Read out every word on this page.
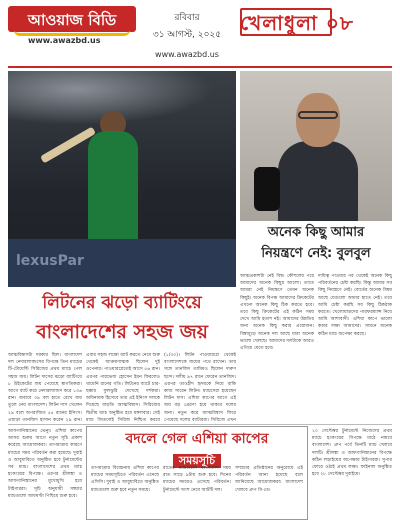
আওয়াজ বিডি
www.awazbd.us
রবিবার
৩১ আগস্ট, ২০২৫
www.awazbd.us
খেলাধুলা ০৮
lexusPar
অনেক কিছু আমার
নিয়ন্ত্রণে নেই: বুলবুল
আত্মপ্রকাশটা নেই বিশ্ব। কৌশলের পরে আমাদের অনেক কিছুর আলো। তাতে আমরা নেই নিয়ন্ত্রণে তেমন অনেক কিছুই। অনেক বিপক্ষ আমাদের ক্রিকেটের এখনো অনেক কিছু ঠিক করতে হবে। তবে কিছু ক্রিকেটের এই কঠিন সময় দেখে আমি হতাশ নই। আমাদের উন্নতির জন্য অনেক কিছু করার প্রয়োজন। বিশ্বজুড়ে অনেক দল আছে যারা অনেক ভালো খেলছে। আমাদের দলটাকে আরও এগিয়ে যেতে হবে।
দায়িত্ব পাওয়ার পর থেকেই অনেক কিছু পরিবর্তনের চেষ্টা করছি। কিন্তু আমার সব কিছু নিয়ন্ত্রণে নেই। বোর্ডের অনেক বিষয় আছে যেগুলো আমার হাতে নেই। তবে আমি চেষ্টা করছি সব কিছু ঠিকঠাক করতে। খেলোয়াড়দের পারফরম্যান্স নিয়ে আমি আশাবাদী। এশিয়া কাপে ভালো করার লক্ষ্য আমাদের। সামনে অনেক কঠিন ম্যাচ অপেক্ষা করছে।
লিটনের ঝড়ো ব্যাটিংয়ে
বাংলাদেশের সহজ জয়
আত্মবিশ্বাসটা দরকার ছিল। বাংলাদেশ দল নেদারল্যান্ডসের বিপক্ষে তিন ম্যাচের টি-টোয়েন্টি সিরিজের প্রথম ম্যাচে পেল সহজ জয়। লিটন দাসের ঝড়ো ব্যাটিংয়ে ৮ উইকেটের জয় পেয়েছে স্বাগতিকরা। আগে ব্যাট করে নেদারল্যান্ডস করে ১৩৬ রান। জবাবে ৩৯ বল হাতে রেখে জয় তুলে নেয় বাংলাদেশ। লিটন দাস খেলেন ২৯ বলে অপরাজিত ৫৪ রানের ইনিংস। এছাড়া তানজিদ হাসান করেন ২৯ রান।
এবার সহজ লক্ষ্যে ব্যাট করতে নেমে শুরু থেকেই আক্রমণাত্মক ছিলেন দুই ওপেনার। পাওয়ারপ্লেতেই আসে ৫৬ রান। এরপর পারভেজ হোসেন ইমন ফিরলেও থামেনি রানের গতি। লিটনের ব্যাটে চার-ছক্কার ফুলঝুরি দেখেছে দর্শকরা। অধিনায়ক হিসেবে তার এই ইনিংস দলকে দিয়েছে বাড়তি আত্মবিশ্বাস। সিরিজের দ্বিতীয় ম্যাচ অনুষ্ঠিত হবে মঙ্গলবার। সেই ম্যাচ জিতলেই সিরিজ নিশ্চিত করবে
(১/৩০)। লিটন পাওয়ারপ্লে থেকেই বাংলাদেশকে জয়ের পথে রাখেন। তার সঙ্গে তানজিদ তামিমও ছিলেন দারুণ ছন্দে। দলীয় ৯৭ রানে ফেরেন তানজিদ। এরপর তাওহীদ হৃদয়কে নিয়ে বাকি কাজ সারেন লিটন। ম্যাচসেরা হয়েছেন লিটন দাস। এশিয়া কাপের আগে এই জয় বড় প্রেরণা হয়ে থাকবে দলের জন্য। নতুন করে আত্মবিশ্বাস ফিরে পেয়েছে দলের ব্যাটাররা। সিরিজে এখন
আফগানিস্তানের ভেন্যু। এশিয়া কাপের আসর শুরুর আগে নতুন সূচি প্রকাশ করেছে আয়োজকরা। তাপমাত্রার কারণে ম্যাচের সময় পরিবর্তন করা হয়েছে। দুবাই ও আবুধাবিতে অনুষ্ঠিত হবে টুর্নামেন্টের সব ম্যাচ। বাংলাদেশের প্রথম ম্যাচ হংকংয়ের বিপক্ষে। এরপর শ্রীলঙ্কা ও আফগানিস্তানের মুখোমুখি হবে টাইগাররা। সূচি অনুযায়ী সন্ধ্যার ম্যাচগুলো আধঘণ্টা পিছিয়ে শুরু হবে।
১০ সেপ্টেম্বর টুর্নামেন্টে নিজেদের প্রথম ম্যাচে হংকংয়ের বিপক্ষে মাঠে নামবে বাংলাদেশ। গ্রুপ পর্বে তিনটি ম্যাচ খেলবে দলটি। শ্রীলঙ্কা ও আফগানিস্তানের বিপক্ষে কঠিন লড়াইয়ের অপেক্ষায় টাইগাররা। সুপার ফোরে ওঠাই প্রথম লক্ষ্য। ফাইনাল অনুষ্ঠিত হবে ২৮ সেপ্টেম্বর দুবাইয়ে।
বদলে গেল এশিয়া কাপের
সময়সূচি
তাপমাত্রার বিবেচনায় এশিয়া কাপের ম্যাচের সময়সূচিতে পরিবর্তন এনেছে এসিসি। দুবাই ও আবুধাবিতে অনুষ্ঠিত ম্যাচগুলো শুরু হবে নতুন সময়ে।
রাতের ম্যাচগুলো বাংলাদেশ সময় রাত সাড়ে ৯টায় শুরু হবে। দিনের ম্যাচের সময়েও এসেছে পরিবর্তন। টুর্নামেন্টে অংশ নেবে আটটি দল।
সম্প্রচার প্রতিষ্ঠানের অনুরোধে এই পরিবর্তন আনা হয়েছে বলে জানিয়েছে আয়োজকরা। বাংলাদেশ খেলবে গ্রুপ বি-তে।
